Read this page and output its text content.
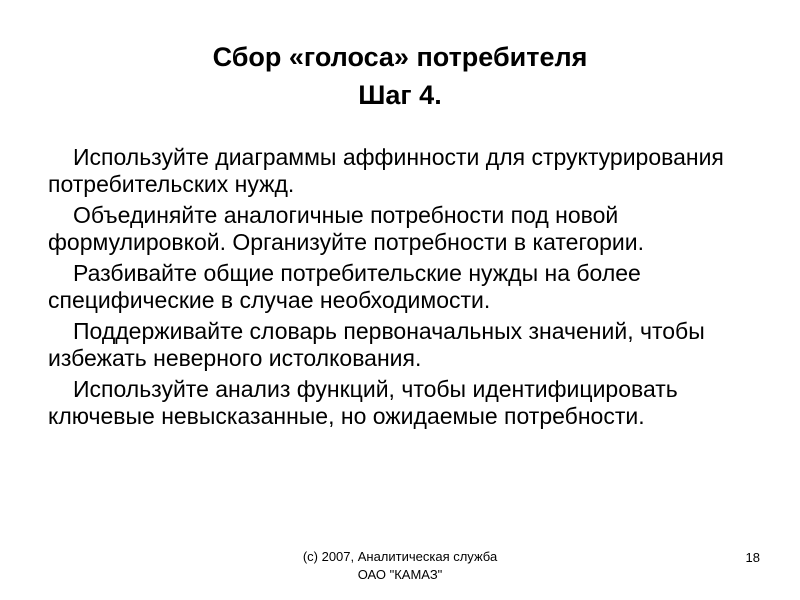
Сбор «голоса» потребителя
Шаг 4.

Используйте диаграммы аффинности для структурирования потребительских нужд.

Объединяйте аналогичные потребности под новой формулировкой. Организуйте потребности в категории.

Разбивайте общие потребительские нужды на более специфические в случае необходимости.

Поддерживайте словарь первоначальных значений, чтобы избежать неверного истолкования.

Используйте анализ функций, чтобы идентифицировать ключевые невысказанные, но ожидаемые потребности.

(c) 2007, Аналитическая служба
ОАО "КАМАЗ"
18
